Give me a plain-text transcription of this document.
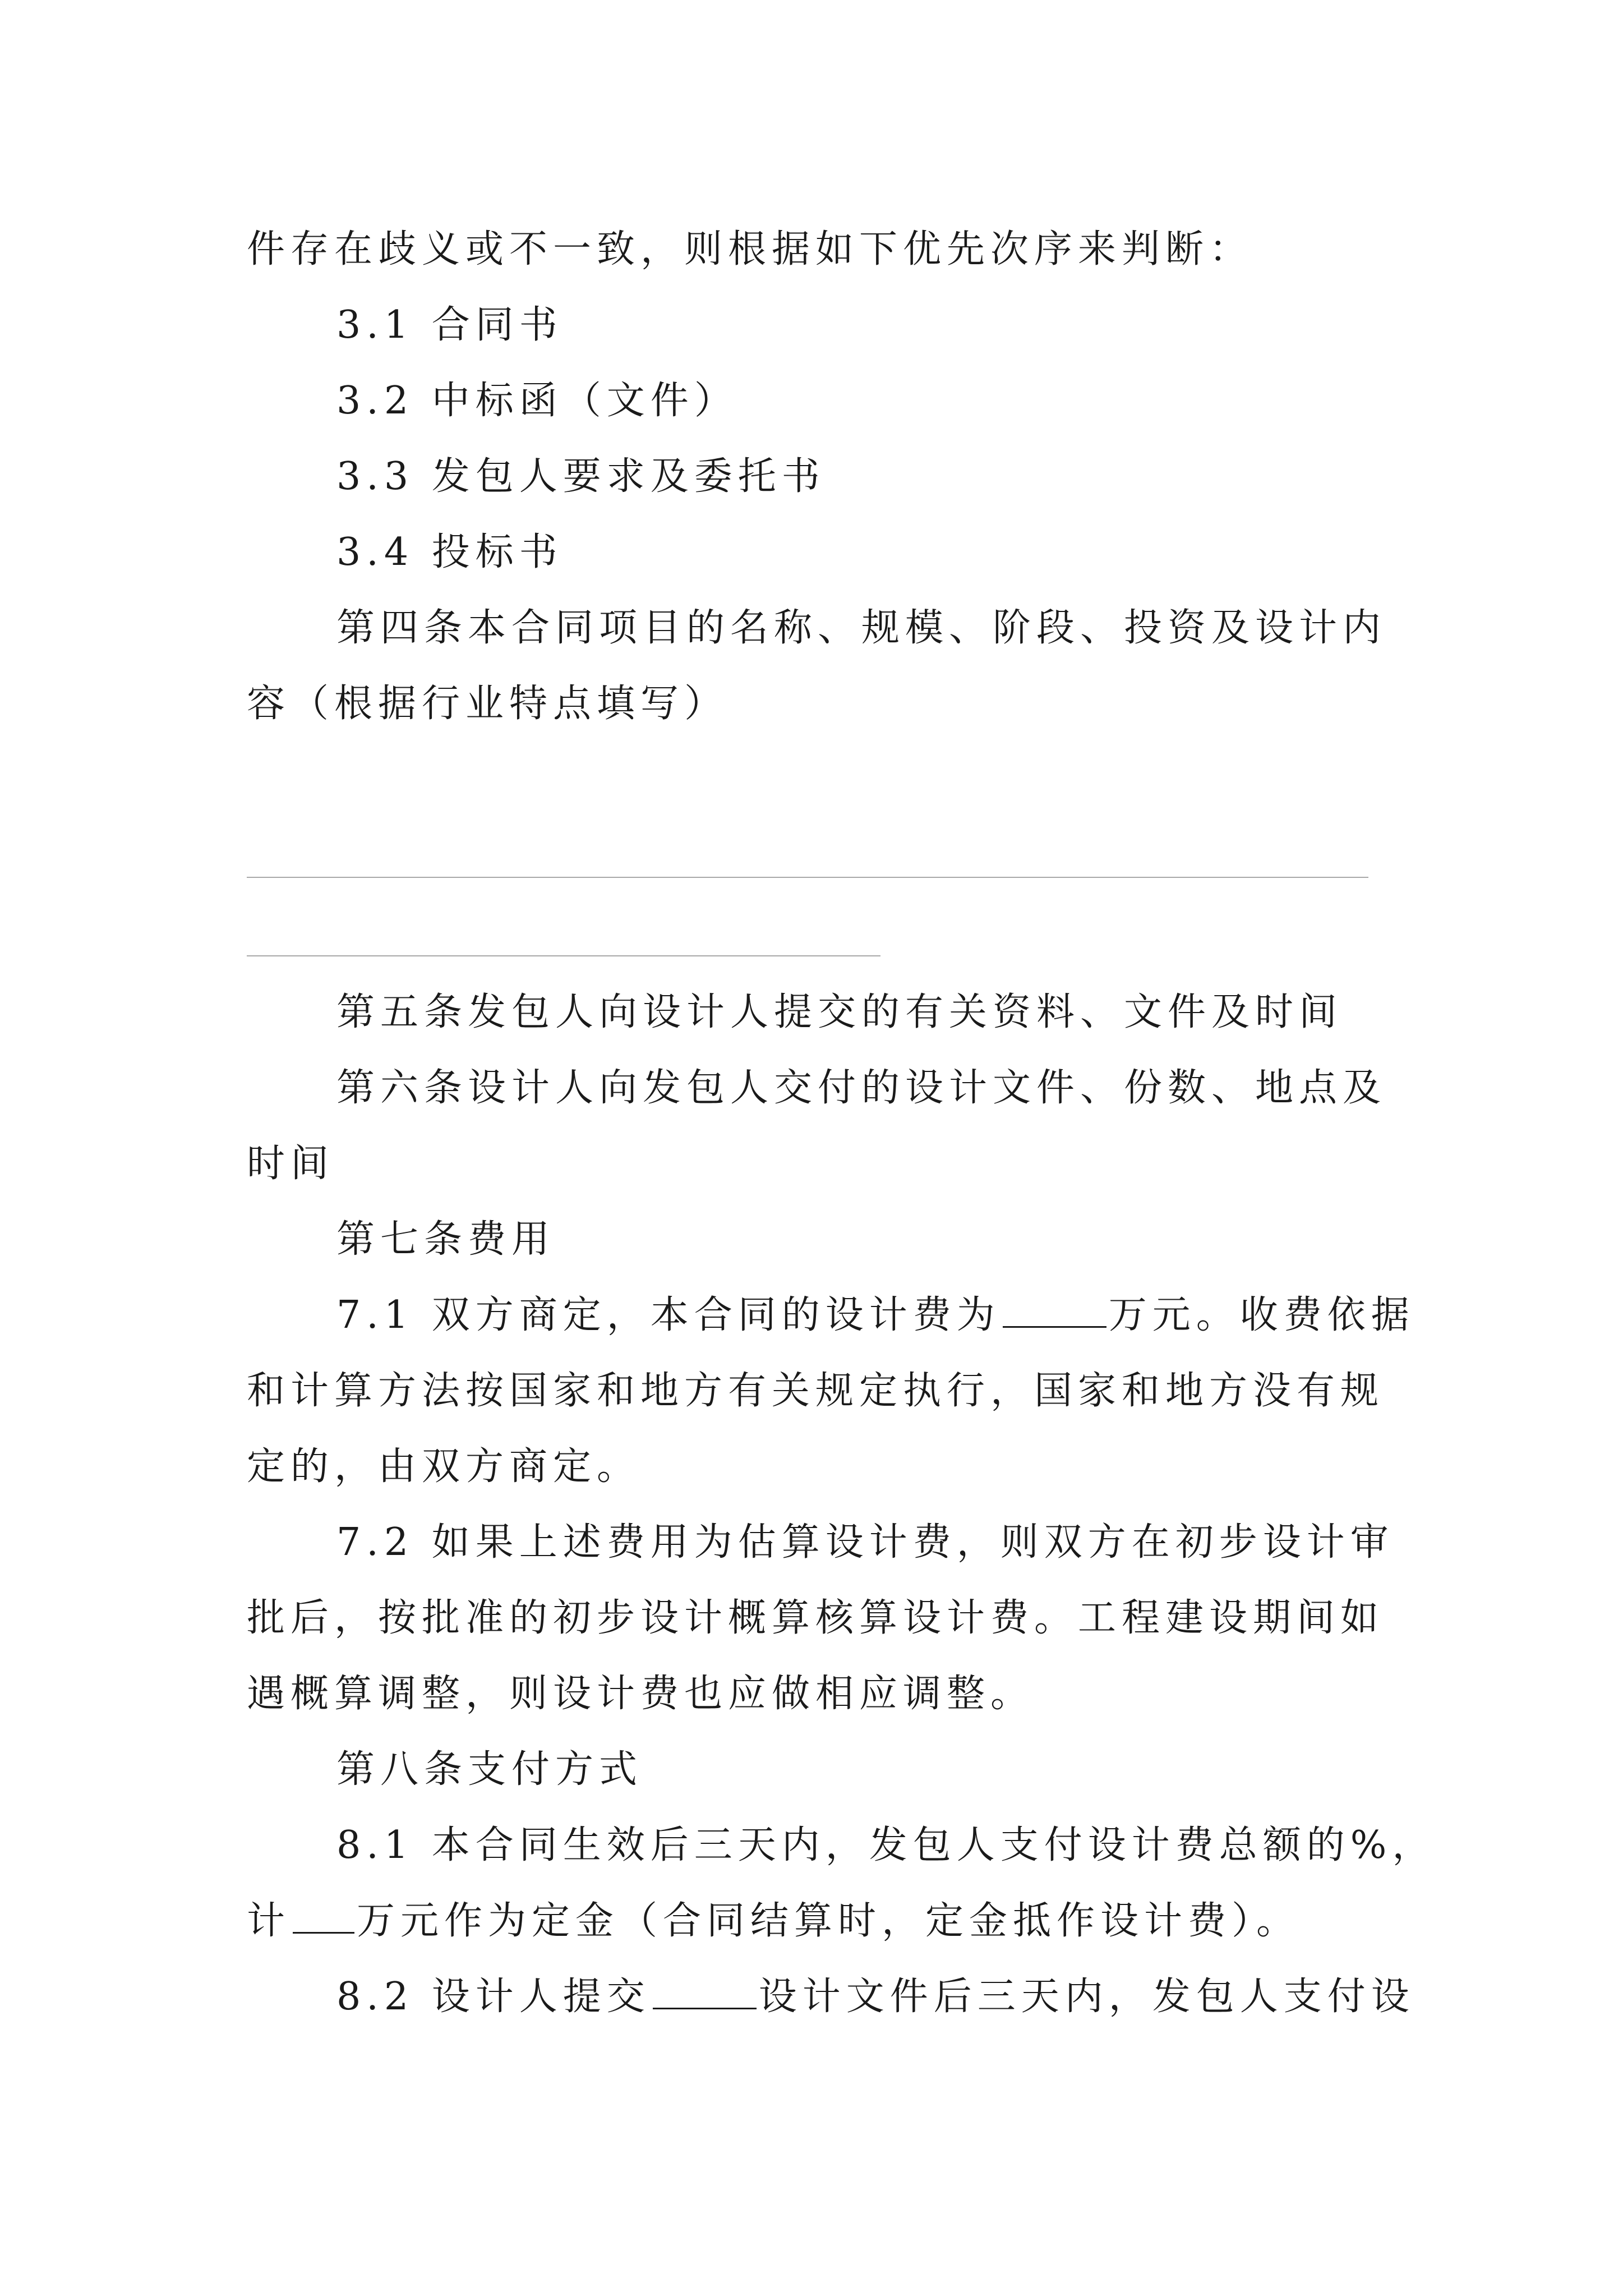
件存在歧义或不一致，则根据如下优先次序来判断：
3.1 合同书
3.2 中标函（文件）
3.3 发包人要求及委托书
3.4 投标书
第四条本合同项目的名称、规模、阶段、投资及设计内
容（根据行业特点填写）
第五条发包人向设计人提交的有关资料、文件及时间
第六条设计人向发包人交付的设计文件、份数、地点及
时间
第七条费用
7.1 双方商定，本合同的设计费为	万元。收费依据
和计算方法按国家和地方有关规定执行，国家和地方没有规
定的，由双方商定。
7.2 如果上述费用为估算设计费，则双方在初步设计审
批后，按批准的初步设计概算核算设计费。工程建设期间如
遇概算调整，则设计费也应做相应调整。
第八条支付方式
8.1 本合同生效后三天内，发包人支付设计费总额的%，
计 万元作为定金（合同结算时，定金抵作设计费）。
8.2 设计人提交	设计文件后三天内，发包人支付设
